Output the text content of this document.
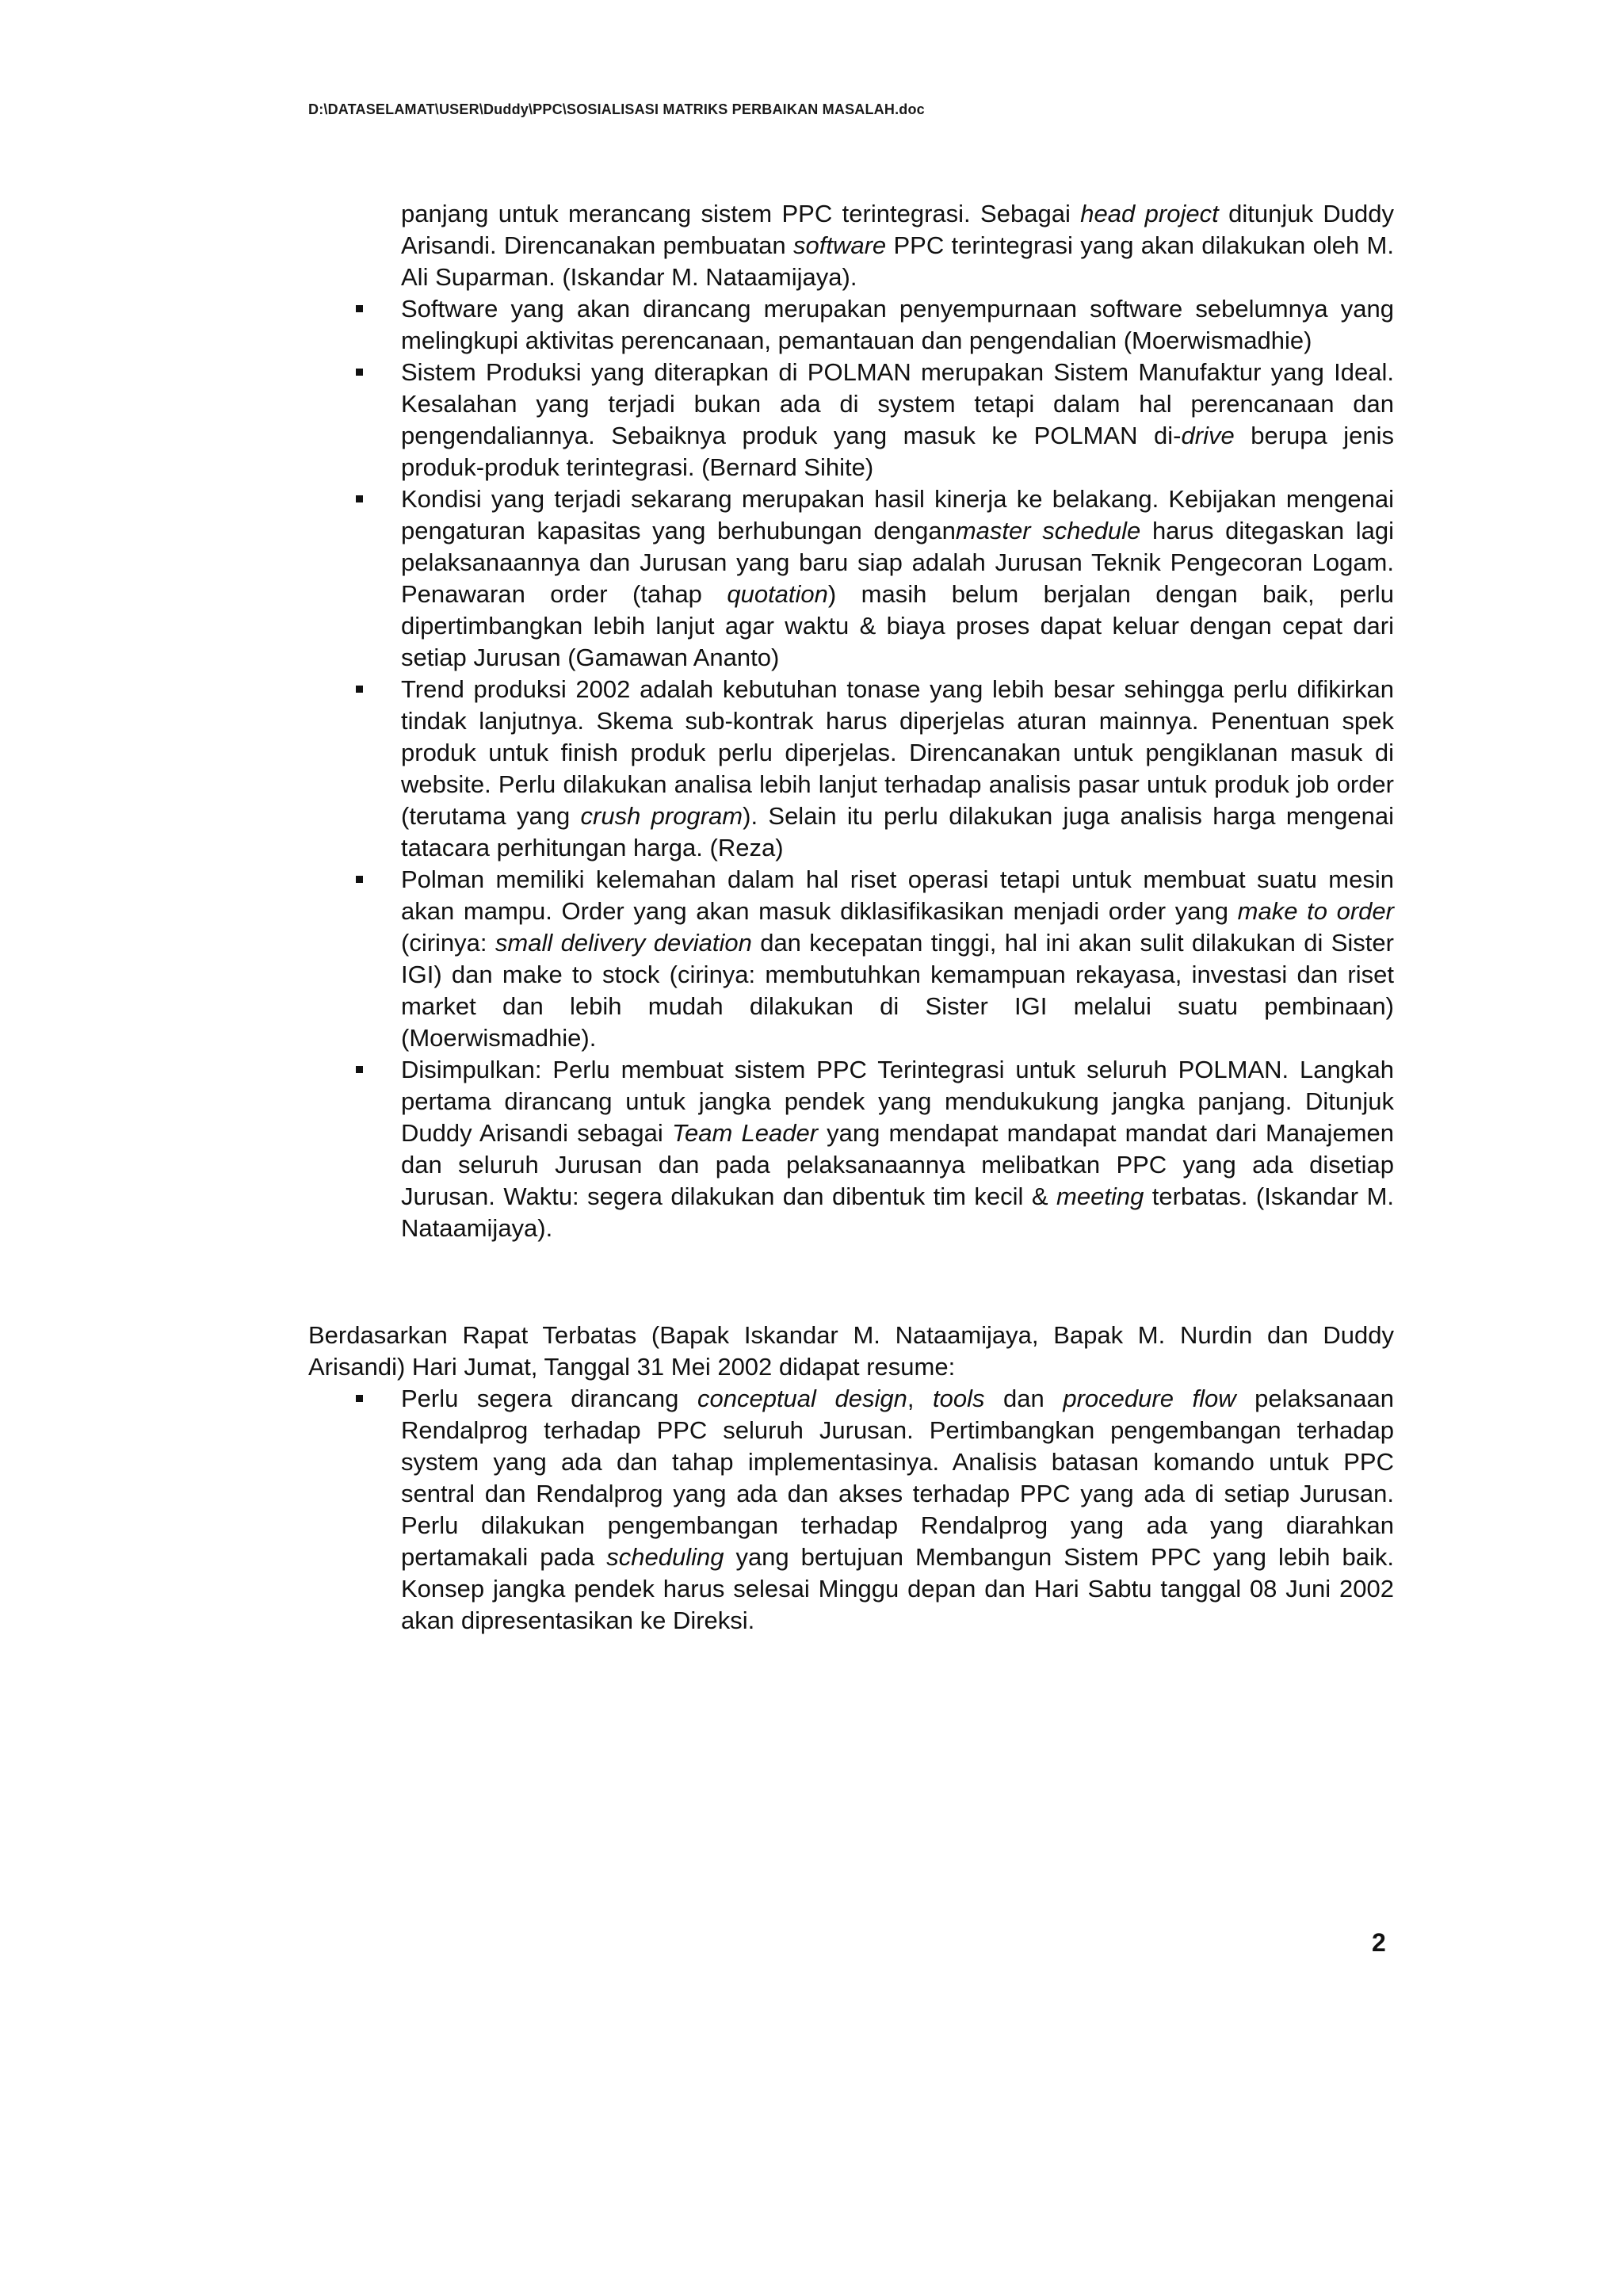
D:\DATASELAMAT\USER\Duddy\PPC\SOSIALISASI MATRIKS PERBAIKAN MASALAH.doc

panjang untuk merancang sistem PPC terintegrasi. Sebagai head project ditunjuk Duddy Arisandi. Direncanakan pembuatan software PPC terintegrasi yang akan dilakukan oleh M. Ali Suparman. (Iskandar M. Nataamijaya).

Software yang akan dirancang merupakan penyempurnaan software sebelumnya yang melingkupi aktivitas perencanaan, pemantauan dan pengendalian (Moerwismadhie)
Sistem Produksi yang diterapkan di POLMAN merupakan Sistem Manufaktur yang Ideal. Kesalahan yang terjadi bukan ada di system tetapi dalam hal perencanaan dan pengendaliannya. Sebaiknya produk yang masuk ke POLMAN di-drive berupa jenis produk-produk terintegrasi. (Bernard Sihite)
Kondisi yang terjadi sekarang merupakan hasil kinerja ke belakang. Kebijakan mengenai pengaturan kapasitas yang berhubungan denganmaster schedule harus ditegaskan lagi pelaksanaannya dan Jurusan yang baru siap adalah Jurusan Teknik Pengecoran Logam. Penawaran order (tahap quotation) masih belum berjalan dengan baik, perlu dipertimbangkan lebih lanjut agar waktu & biaya proses dapat keluar dengan cepat dari setiap Jurusan (Gamawan Ananto)
Trend produksi 2002 adalah kebutuhan tonase yang lebih besar sehingga perlu difikirkan tindak lanjutnya. Skema sub-kontrak harus diperjelas aturan mainnya. Penentuan spek produk untuk finish produk perlu diperjelas. Direncanakan untuk pengiklanan masuk di website. Perlu dilakukan analisa lebih lanjut terhadap analisis pasar untuk produk job order (terutama yang crush program). Selain itu perlu dilakukan juga analisis harga mengenai tatacara perhitungan harga. (Reza)
Polman memiliki kelemahan dalam hal riset operasi tetapi untuk membuat suatu mesin akan mampu. Order yang akan masuk diklasifikasikan menjadi order yang make to order (cirinya: small delivery deviation dan kecepatan tinggi, hal ini akan sulit dilakukan di Sister IGI) dan make to stock (cirinya: membutuhkan kemampuan rekayasa, investasi dan riset market dan lebih mudah dilakukan di Sister IGI melalui suatu pembinaan) (Moerwismadhie).
Disimpulkan: Perlu membuat sistem PPC Terintegrasi untuk seluruh POLMAN. Langkah pertama dirancang untuk jangka pendek yang mendukukung jangka panjang. Ditunjuk Duddy Arisandi sebagai Team Leader yang mendapat mandapat mandat dari Manajemen dan seluruh Jurusan dan pada pelaksanaannya melibatkan PPC yang ada disetiap Jurusan. Waktu: segera dilakukan dan dibentuk tim kecil & meeting terbatas. (Iskandar M. Nataamijaya).

Berdasarkan Rapat Terbatas (Bapak Iskandar M. Nataamijaya, Bapak M. Nurdin dan Duddy Arisandi) Hari Jumat, Tanggal 31 Mei 2002 didapat resume:

Perlu segera dirancang conceptual design, tools dan procedure flow pelaksanaan Rendalprog terhadap PPC seluruh Jurusan. Pertimbangkan pengembangan terhadap system yang ada dan tahap implementasinya. Analisis batasan komando untuk PPC sentral dan Rendalprog yang ada dan akses terhadap PPC yang ada di setiap Jurusan. Perlu dilakukan pengembangan terhadap Rendalprog yang ada yang diarahkan pertamakali pada scheduling yang bertujuan Membangun Sistem PPC yang lebih baik. Konsep jangka pendek harus selesai Minggu depan dan Hari Sabtu tanggal 08 Juni 2002 akan dipresentasikan ke Direksi.
2
